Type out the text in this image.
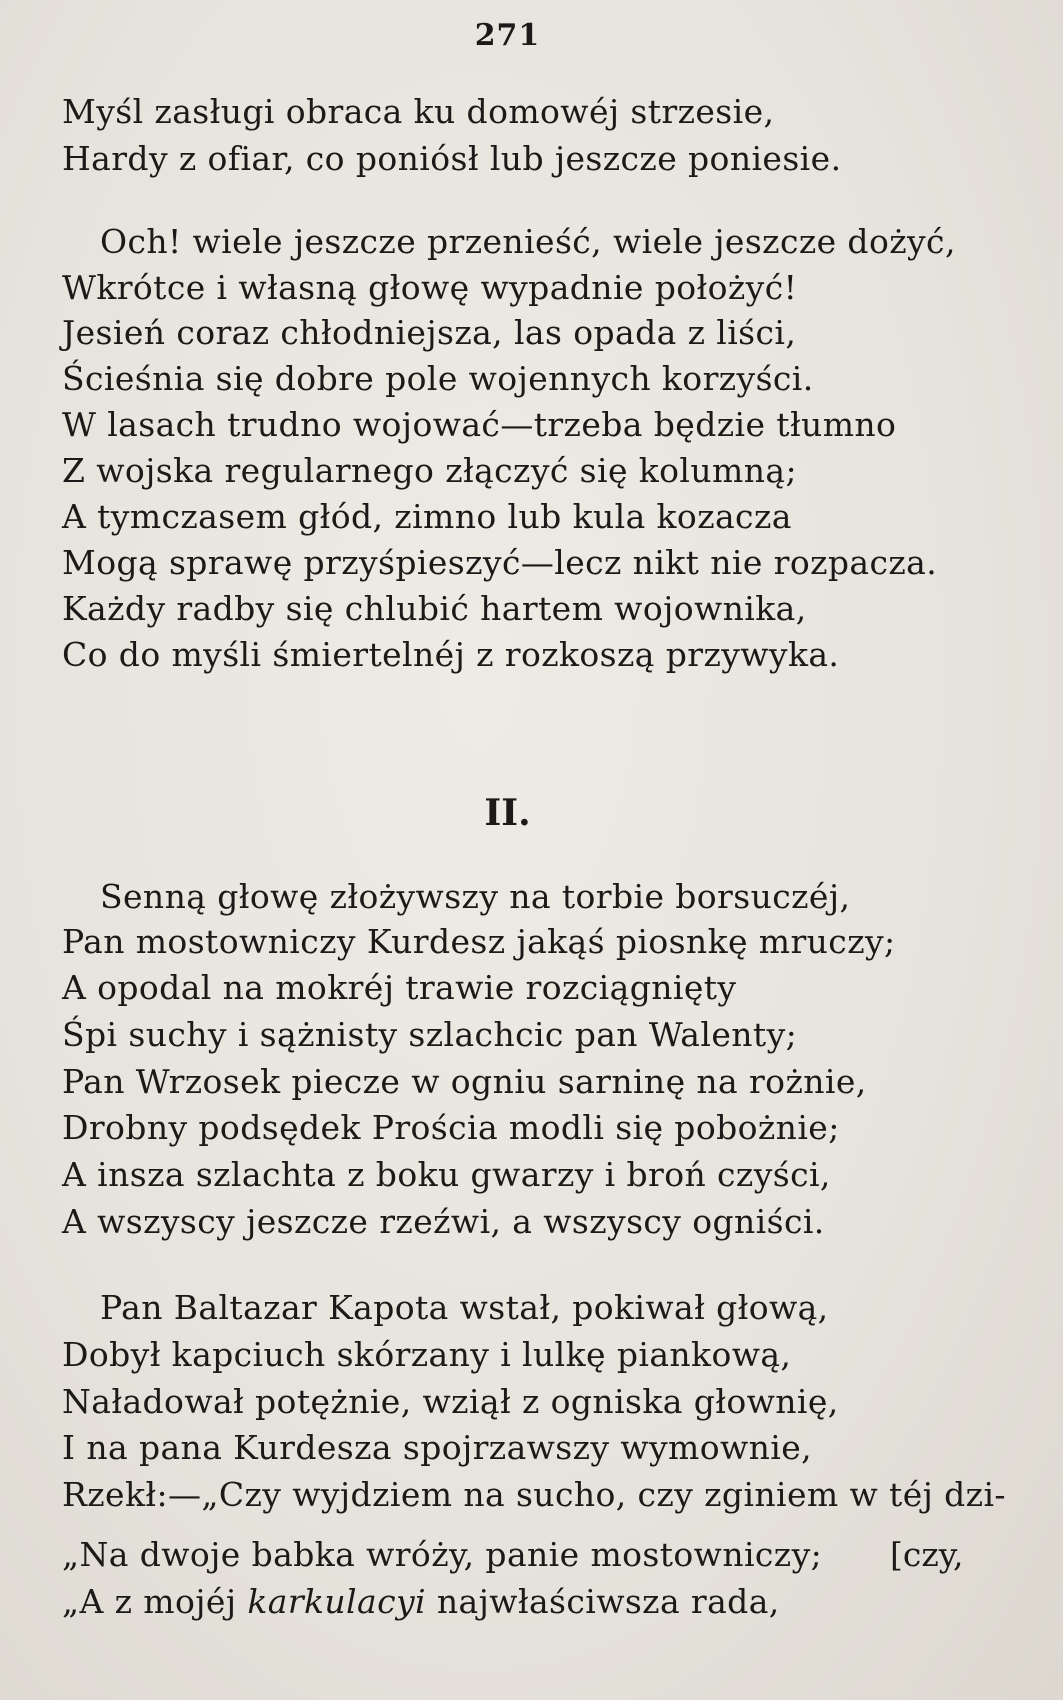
271
Myśl zasługi obraca ku domowéj strzesie,
Hardy z ofiar, co poniósł lub jeszcze poniesie.
Och! wiele jeszcze przenieść, wiele jeszcze dożyć,
Wkrótce i własną głowę wypadnie położyć!
Jesień coraz chłodniejsza, las opada z liści,
Ścieśnia się dobre pole wojennych korzyści.
W lasach trudno wojować—trzeba będzie tłumno
Z wojska regularnego złączyć się kolumną;
A tymczasem głód, zimno lub kula kozacza
Mogą sprawę przyśpieszyć—lecz nikt nie rozpacza.
Każdy radby się chlubić hartem wojownika,
Co do myśli śmiertelnéj z rozkoszą przywyka.
II.
Senną głowę złożywszy na torbie borsuczéj,
Pan mostowniczy Kurdesz jakąś piosnkę mruczy;
A opodal na mokréj trawie rozciągnięty
Śpi suchy i sążnisty szlachcic pan Walenty;
Pan Wrzosek piecze w ogniu sarninę na rożnie,
Drobny podsędek Prościa modli się pobożnie;
A insza szlachta z boku gwarzy i broń czyści,
A wszyscy jeszcze rzeźwi, a wszyscy ogniści.
Pan Baltazar Kapota wstał, pokiwał głową,
Dobył kapciuch skórzany i lulkę piankową,
Naładował potężnie, wziął z ogniska głownię,
I na pana Kurdesza spojrzawszy wymownie,
Rzekł:—„Czy wyjdziem na sucho, czy zginiem w téj dzi-
„Na dwoje babka wróży, panie mostowniczy; [czy,
„A z mojéj karkulacyi najwłaściwsza rada,
